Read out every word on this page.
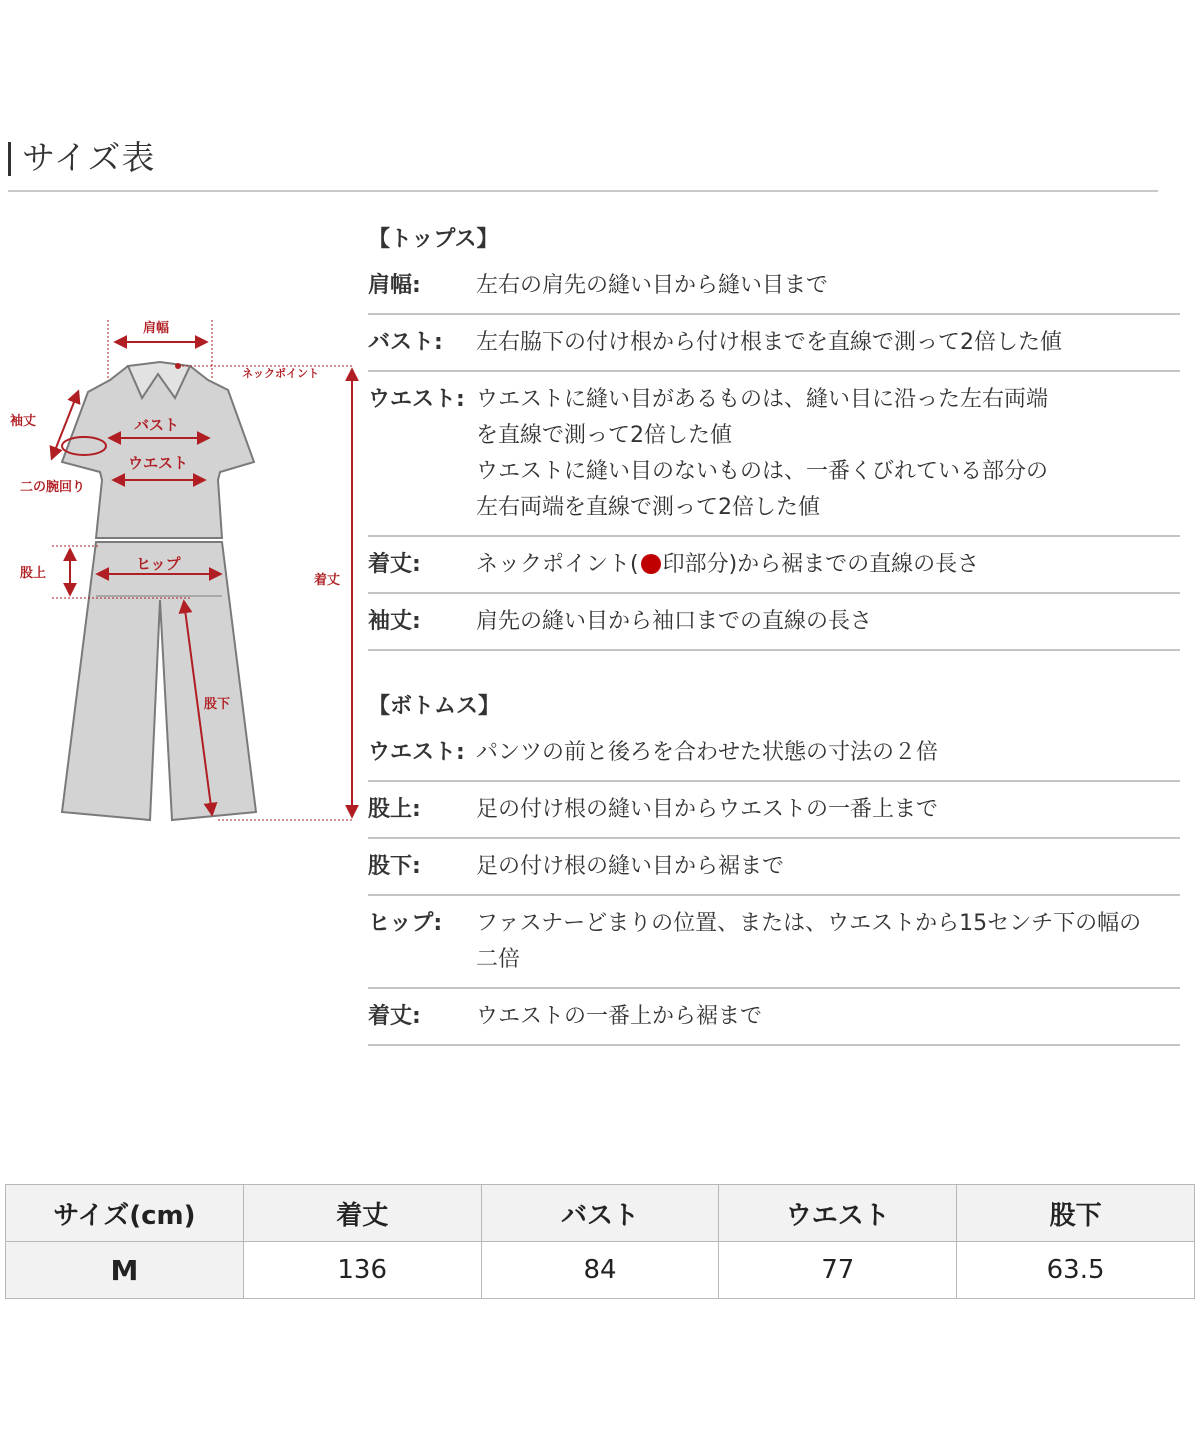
サイズ表
肩幅
ネックポイント
袖丈	バスト
ウエスト
二の腕回り
股上
ヒップ
着丈
股下
【トップス】
肩幅:	左右の肩先の縫い目から縫い目まで
バスト:	左右脇下の付け根から付け根までを直線で測って2倍した値
ウエスト: ウエストに縫い目があるものは、縫い目に沿った左右両端
を直線で測って2倍した値
ウエストに縫い目のないものは、一番くびれている部分の
左右両端を直線で測って2倍した値
着丈:	ネックポイント( 印部分)から裾までの直線の長さ
袖丈:	肩先の縫い目から袖口までの直線の長さ
【ボトムス】
ウエスト: パンツの前と後ろを合わせた状態の寸法の２倍
股上:	足の付け根の縫い目からウエストの一番上まで
股下:	足の付け根の縫い目から裾まで
ヒップ:	ファスナーどまりの位置、または、ウエストから15センチ下の幅の
二倍
着丈:	ウエストの一番上から裾まで
サイズ(cm)	着丈	バスト	ウエスト	股下
M	136	84	77	63.5
